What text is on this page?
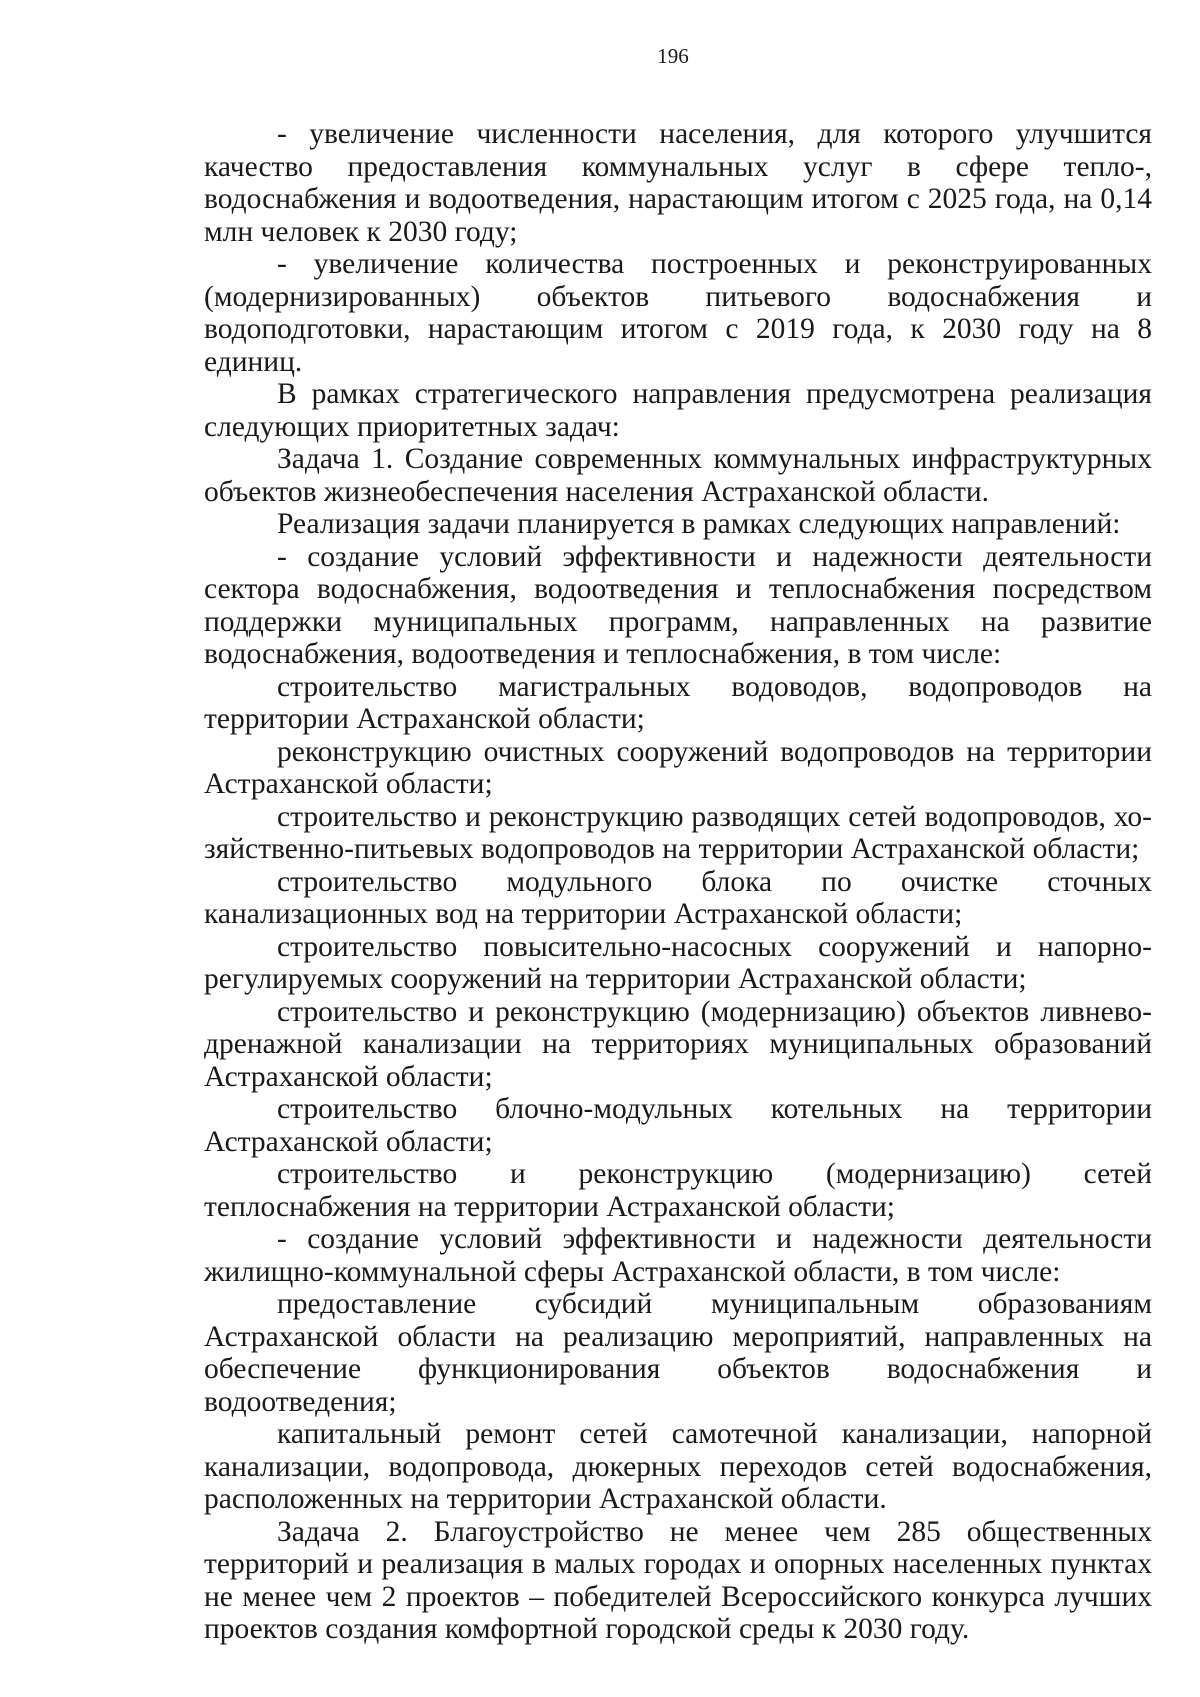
196

- увеличение численности населения, для которого улучшится качество предоставления коммунальных услуг в сфере тепло-, водоснабжения и водоотведения, нарастающим итогом с 2025 года, на 0,14 млн человек к 2030 году;

- увеличение количества построенных и реконструированных (модернизированных) объектов питьевого водоснабжения и водоподготовки, нарастающим итогом с 2019 года, к 2030 году на 8 единиц.

В рамках стратегического направления предусмотрена реализация следующих приоритетных задач:

Задача 1. Создание современных коммунальных инфраструктурных объектов жизнеобеспечения населения Астраханской области.

Реализация задачи планируется в рамках следующих направлений:

- создание условий эффективности и надежности деятельности сектора водоснабжения, водоотведения и теплоснабжения посредством поддержки муниципальных программ, направленных на развитие водоснабжения, водоотведения и теплоснабжения, в том числе:

строительство магистральных водоводов, водопроводов на территории Астраханской области;

реконструкцию очистных сооружений водопроводов на территории Астраханской области;

строительство и реконструкцию разводящих сетей водопроводов, хозяйственно-питьевых водопроводов на территории Астраханской области;

строительство модульного блока по очистке сточных канализационных вод на территории Астраханской области;

строительство повысительно-насосных сооружений и напорно-регулируемых сооружений на территории Астраханской области;

строительство и реконструкцию (модернизацию) объектов ливнево-дренажной канализации на территориях муниципальных образований Астраханской области;

строительство блочно-модульных котельных на территории Астраханской области;

строительство и реконструкцию (модернизацию) сетей теплоснабжения на территории Астраханской области;

- создание условий эффективности и надежности деятельности жилищно-коммунальной сферы Астраханской области, в том числе:

предоставление субсидий муниципальным образованиям Астраханской области на реализацию мероприятий, направленных на обеспечение функционирования объектов водоснабжения и водоотведения;

капитальный ремонт сетей самотечной канализации, напорной канализации, водопровода, дюкерных переходов сетей водоснабжения, расположенных на территории Астраханской области.

Задача 2. Благоустройство не менее чем 285 общественных территорий и реализация в малых городах и опорных населенных пунктах не менее чем 2 проектов – победителей Всероссийского конкурса лучших проектов создания комфортной городской среды к 2030 году.
